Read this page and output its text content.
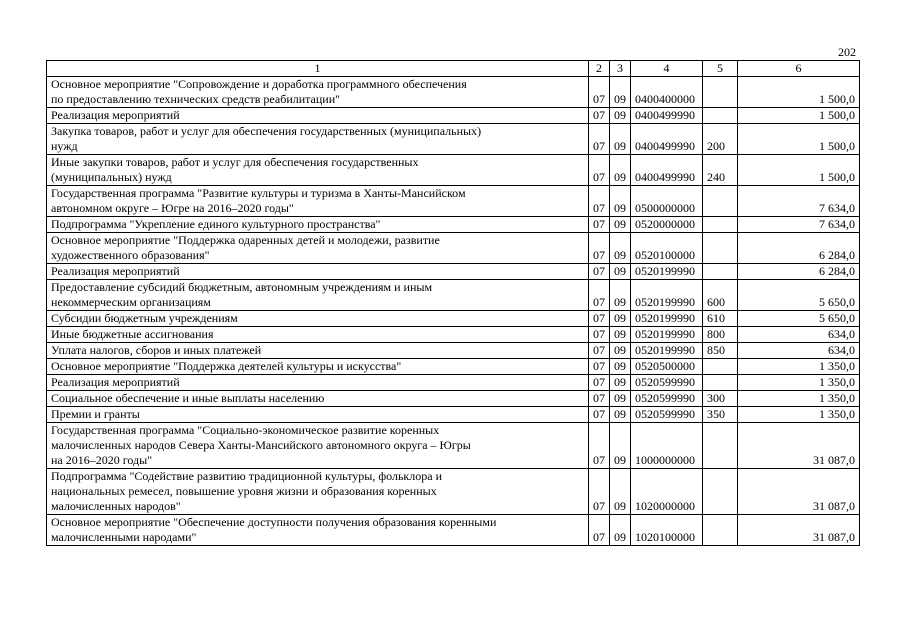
202
1	2	3	4	5	6

Основное мероприятие "Сопровождение и доработка программного обеспечения
по предоставлению технических средств реабилитации"	07	09	0400400000		1 500,0

Реализация мероприятий	07	09	0400499990		1 500,0

Закупка товаров, работ и услуг для обеспечения государственных (муниципальных)
нужд	07	09	0400499990	200	1 500,0

Иные закупки товаров, работ и услуг для обеспечения государственных
(муниципальных) нужд	07	09	0400499990	240	1 500,0

Государственная программа "Развитие культуры и туризма в Ханты-Мансийском
автономном округе – Югре на 2016–2020 годы"	07	09	0500000000		7 634,0

Подпрограмма "Укрепление единого культурного пространства"	07	09	0520000000		7 634,0

Основное мероприятие "Поддержка одаренных детей и молодежи, развитие
художественного образования"	07	09	0520100000		6 284,0

Реализация мероприятий	07	09	0520199990		6 284,0

Предоставление субсидий бюджетным, автономным учреждениям и иным
некоммерческим организациям	07	09	0520199990	600	5 650,0

Субсидии бюджетным учреждениям	07	09	0520199990	610	5 650,0

Иные бюджетные ассигнования	07	09	0520199990	800	634,0

Уплата налогов, сборов и иных платежей	07	09	0520199990	850	634,0

Основное мероприятие "Поддержка деятелей культуры и искусства"	07	09	0520500000		1 350,0

Реализация мероприятий	07	09	0520599990		1 350,0

Социальное обеспечение и иные выплаты населению	07	09	0520599990	300	1 350,0

Премии и гранты	07	09	0520599990	350	1 350,0

Государственная программа "Социально-экономическое развитие коренных
малочисленных народов Севера Ханты-Мансийского автономного округа – Югры
на 2016–2020 годы"	07	09	1000000000		31 087,0

Подпрограмма "Содействие развитию традиционной культуры, фольклора и
национальных ремесел, повышение уровня жизни и образования коренных
малочисленных народов"	07	09	1020000000		31 087,0

Основное мероприятие "Обеспечение доступности получения образования коренными
малочисленными народами"	07	09	1020100000		31 087,0
